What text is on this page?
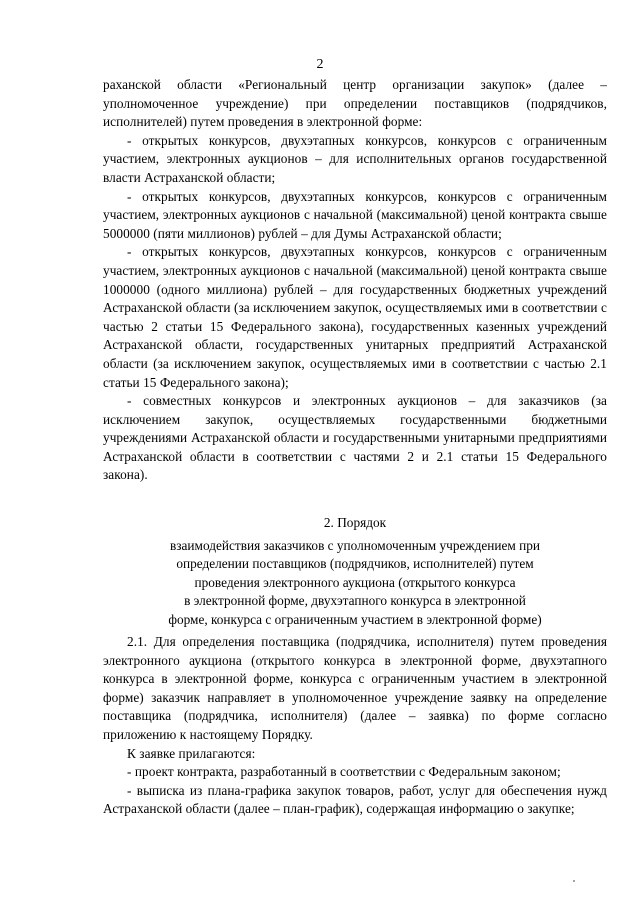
2

раханской области «Региональный центр организации закупок» (далее – уполномоченное учреждение) при определении поставщиков (подрядчиков, исполнителей) путем проведения в электронной форме:

- открытых конкурсов, двухэтапных конкурсов, конкурсов с ограниченным участием, электронных аукционов – для исполнительных органов государственной власти Астраханской области;

- открытых конкурсов, двухэтапных конкурсов, конкурсов с ограниченным участием, электронных аукционов с начальной (максимальной) ценой контракта свыше 5000000 (пяти миллионов) рублей – для Думы Астраханской области;

- открытых конкурсов, двухэтапных конкурсов, конкурсов с ограниченным участием, электронных аукционов с начальной (максимальной) ценой контракта свыше 1000000 (одного миллиона) рублей – для государственных бюджетных учреждений Астраханской области (за исключением закупок, осуществляемых ими в соответствии с частью 2 статьи 15 Федерального закона), государственных казенных учреждений Астраханской области, государственных унитарных предприятий Астраханской области (за исключением закупок, осуществляемых ими в соответствии с частью 2.1 статьи 15 Федерального закона);

- совместных конкурсов и электронных аукционов – для заказчиков (за исключением закупок, осуществляемых государственными бюджетными учреждениями Астраханской области и государственными унитарными предприятиями Астраханской области в соответствии с частями 2 и 2.1 статьи 15 Федерального закона).

2. Порядок
взаимодействия заказчиков с уполномоченным учреждением при
определении поставщиков (подрядчиков, исполнителей) путем
проведения электронного аукциона (открытого конкурса
в электронной форме, двухэтапного конкурса в электронной
форме, конкурса с ограниченным участием в электронной форме)

2.1. Для определения поставщика (подрядчика, исполнителя) путем проведения электронного аукциона (открытого конкурса в электронной форме, двухэтапного конкурса в электронной форме, конкурса с ограниченным участием в электронной форме) заказчик направляет в уполномоченное учреждение заявку на определение поставщика (подрядчика, исполнителя) (далее – заявка) по форме согласно приложению к настоящему Порядку.

К заявке прилагаются:

- проект контракта, разработанный в соответствии с Федеральным законом;

- выписка из плана-графика закупок товаров, работ, услуг для обеспечения нужд Астраханской области (далее – план-график), содержащая информацию о закупке;
